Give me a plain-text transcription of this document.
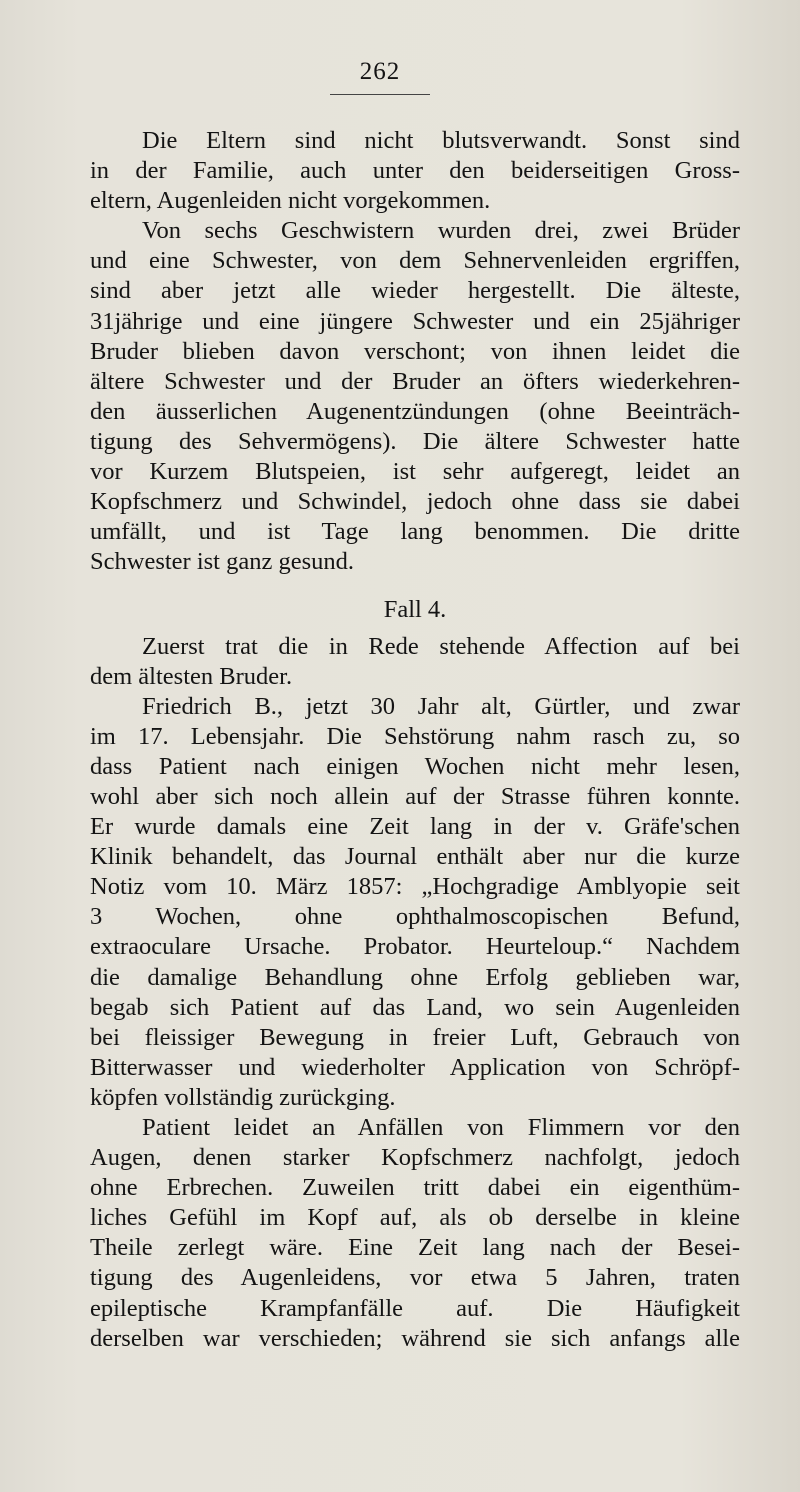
262
Die Eltern sind nicht blutsverwandt. Sonst sind
in der Familie, auch unter den beiderseitigen Gross-
eltern, Augenleiden nicht vorgekommen.
Von sechs Geschwistern wurden drei, zwei Brüder
und eine Schwester, von dem Sehnervenleiden ergriffen,
sind aber jetzt alle wieder hergestellt. Die älteste,
31jährige und eine jüngere Schwester und ein 25jähriger
Bruder blieben davon verschont; von ihnen leidet die
ältere Schwester und der Bruder an öfters wiederkehren-
den äusserlichen Augenentzündungen (ohne Beeinträch-
tigung des Sehvermögens). Die ältere Schwester hatte
vor Kurzem Blutspeien, ist sehr aufgeregt, leidet an
Kopfschmerz und Schwindel, jedoch ohne dass sie dabei
umfällt, und ist Tage lang benommen. Die dritte
Schwester ist ganz gesund.
Fall 4.
Zuerst trat die in Rede stehende Affection auf bei
dem ältesten Bruder.
Friedrich B., jetzt 30 Jahr alt, Gürtler, und zwar
im 17. Lebensjahr. Die Sehstörung nahm rasch zu, so
dass Patient nach einigen Wochen nicht mehr lesen,
wohl aber sich noch allein auf der Strasse führen konnte.
Er wurde damals eine Zeit lang in der v. Gräfe'schen
Klinik behandelt, das Journal enthält aber nur die kurze
Notiz vom 10. März 1857: „Hochgradige Amblyopie seit
3 Wochen, ohne ophthalmoscopischen Befund,
extraoculare Ursache. Probator. Heurteloup.“ Nachdem
die damalige Behandlung ohne Erfolg geblieben war,
begab sich Patient auf das Land, wo sein Augenleiden
bei fleissiger Bewegung in freier Luft, Gebrauch von
Bitterwasser und wiederholter Application von Schröpf-
köpfen vollständig zurückging.
Patient leidet an Anfällen von Flimmern vor den
Augen, denen starker Kopfschmerz nachfolgt, jedoch
ohne Erbrechen. Zuweilen tritt dabei ein eigenthüm-
liches Gefühl im Kopf auf, als ob derselbe in kleine
Theile zerlegt wäre. Eine Zeit lang nach der Besei-
tigung des Augenleidens, vor etwa 5 Jahren, traten
epileptische Krampfanfälle auf. Die Häufigkeit
derselben war verschieden; während sie sich anfangs alle
